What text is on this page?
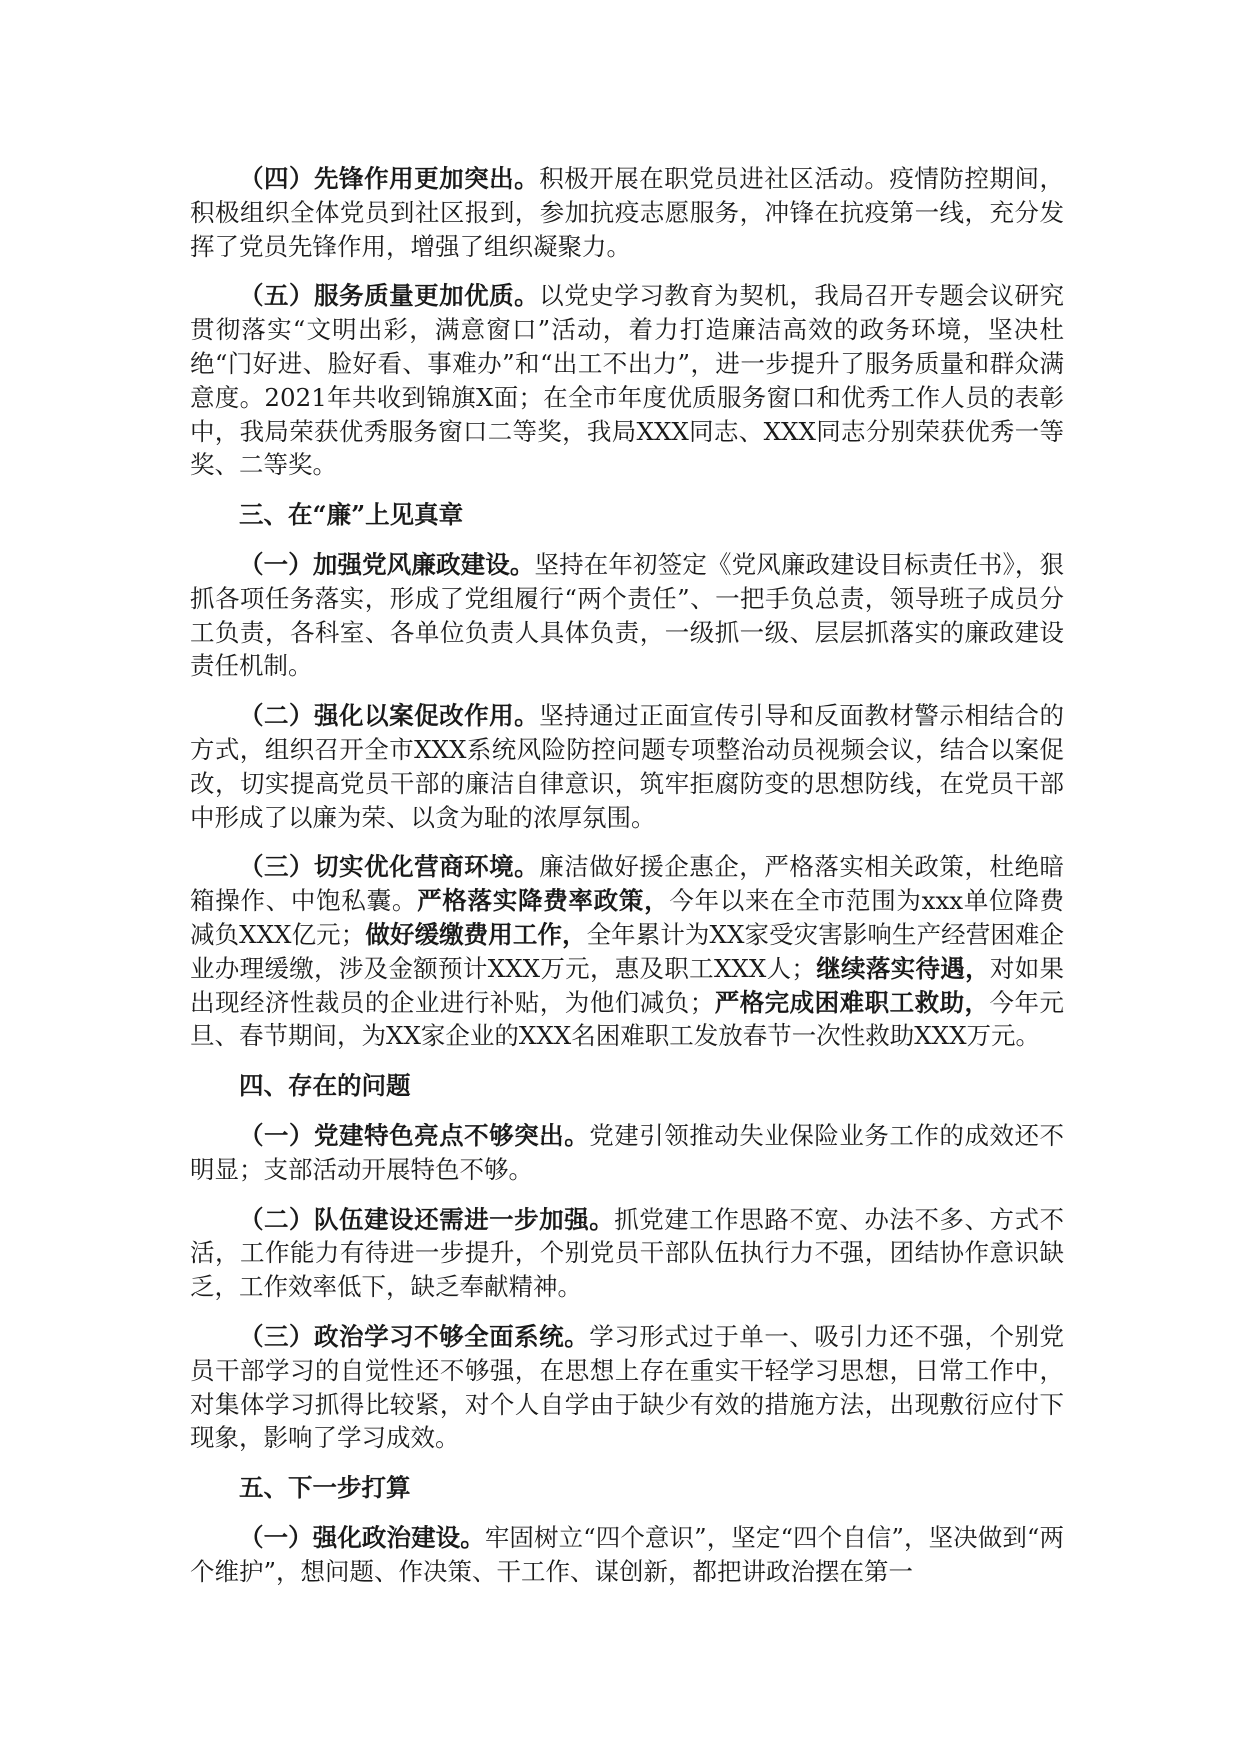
（四）先锋作用更加突出。积极开展在职党员进社区活动。疫情防控期间，积极组织全体党员到社区报到，参加抗疫志愿服务，冲锋在抗疫第一线，充分发挥了党员先锋作用，增强了组织凝聚力。

（五）服务质量更加优质。以党史学习教育为契机，我局召开专题会议研究贯彻落实“文明出彩，满意窗口”活动，着力打造廉洁高效的政务环境，坚决杜绝“门好进、脸好看、事难办”和“出工不出力”，进一步提升了服务质量和群众满意度。2021年共收到锦旗X面；在全市年度优质服务窗口和优秀工作人员的表彰中，我局荣获优秀服务窗口二等奖，我局XXX同志、XXX同志分别荣获优秀一等奖、二等奖。

三、在“廉”上见真章

（一）加强党风廉政建设。坚持在年初签定《党风廉政建设目标责任书》，狠抓各项任务落实，形成了党组履行“两个责任”、一把手负总责，领导班子成员分工负责，各科室、各单位负责人具体负责，一级抓一级、层层抓落实的廉政建设责任机制。

（二）强化以案促改作用。坚持通过正面宣传引导和反面教材警示相结合的方式，组织召开全市XXX系统风险防控问题专项整治动员视频会议，结合以案促改，切实提高党员干部的廉洁自律意识，筑牢拒腐防变的思想防线，在党员干部中形成了以廉为荣、以贪为耻的浓厚氛围。

（三）切实优化营商环境。廉洁做好援企惠企，严格落实相关政策，杜绝暗箱操作、中饱私囊。严格落实降费率政策，今年以来在全市范围为xxx单位降费减负XXX亿元；做好缓缴费用工作，全年累计为XX家受灾害影响生产经营困难企业办理缓缴，涉及金额预计XXX万元，惠及职工XXX人；继续落实待遇，对如果出现经济性裁员的企业进行补贴，为他们减负；严格完成困难职工救助，今年元旦、春节期间，为XX家企业的XXX名困难职工发放春节一次性救助XXX万元。

四、存在的问题

（一）党建特色亮点不够突出。党建引领推动失业保险业务工作的成效还不明显；支部活动开展特色不够。

（二）队伍建设还需进一步加强。抓党建工作思路不宽、办法不多、方式不活，工作能力有待进一步提升，个别党员干部队伍执行力不强，团结协作意识缺乏，工作效率低下，缺乏奉献精神。

（三）政治学习不够全面系统。学习形式过于单一、吸引力还不强，个别党员干部学习的自觉性还不够强，在思想上存在重实干轻学习思想，日常工作中，对集体学习抓得比较紧，对个人自学由于缺少有效的措施方法，出现敷衍应付下现象，影响了学习成效。

五、下一步打算

（一）强化政治建设。牢固树立“四个意识”，坚定“四个自信”，坚决做到“两个维护”，想问题、作决策、干工作、谋创新，都把讲政治摆在第一
